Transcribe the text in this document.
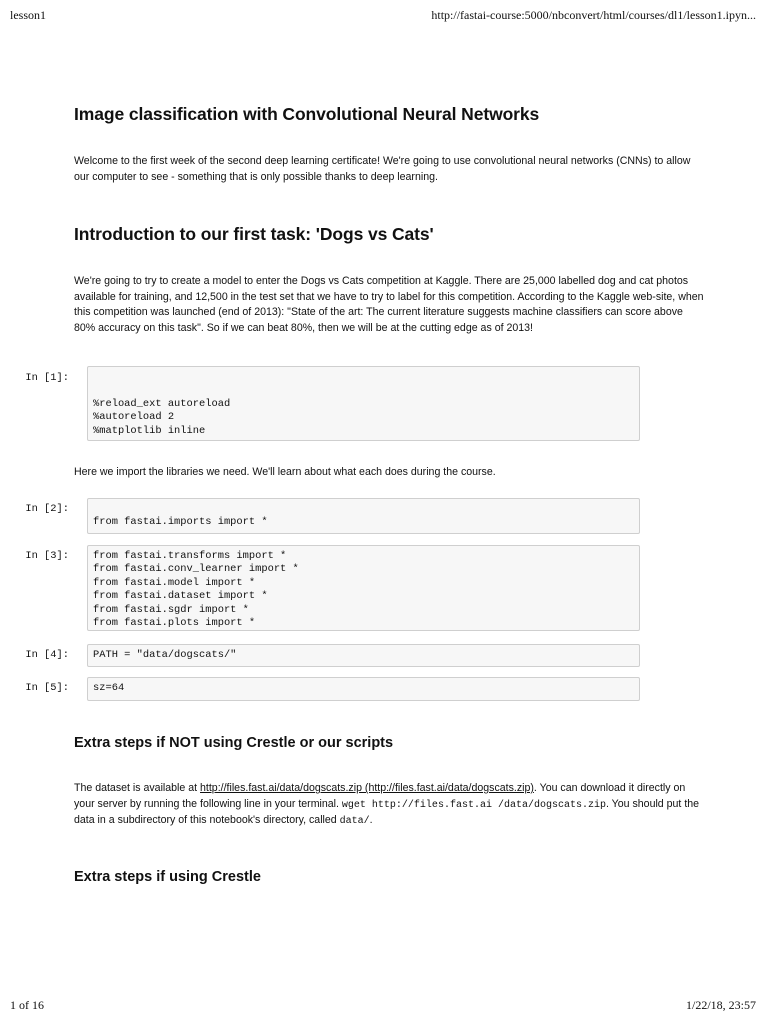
lesson1	http://fastai-course:5000/nbconvert/html/courses/dl1/lesson1.ipyn...
1 of 16	1/22/18, 23:57
Image classification with Convolutional Neural Networks
Welcome to the first week of the second deep learning certificate! We're going to use convolutional neural networks (CNNs) to allow our computer to see - something that is only possible thanks to deep learning.
Introduction to our first task: 'Dogs vs Cats'
We're going to try to create a model to enter the Dogs vs Cats competition at Kaggle. There are 25,000 labelled dog and cat photos available for training, and 12,500 in the test set that we have to try to label for this competition. According to the Kaggle web-site, when this competition was launched (end of 2013): "State of the art: The current literature suggests machine classifiers can score above 80% accuracy on this task". So if we can beat 80%, then we will be at the cutting edge as of 2013!
Here we import the libraries we need. We'll learn about what each does during the course.
Extra steps if NOT using Crestle or our scripts
The dataset is available at http://files.fast.ai/data/dogscats.zip (http://files.fast.ai/data/dogscats.zip). You can download it directly on your server by running the following line in your terminal. wget http://files.fast.ai /data/dogscats.zip. You should put the data in a subdirectory of this notebook's directory, called data/.
Extra steps if using Crestle
In [1]:

%reload_ext autoreload
%autoreload 2
%matplotlib inline
In [2]:

from fastai.imports import *
In [3]: from fastai.transforms import *
from fastai.conv_learner import *
from fastai.model import *
from fastai.dataset import *
from fastai.sgdr import *
from fastai.plots import *
In [4]: PATH = "data/dogscats/"
In [5]: sz=64
